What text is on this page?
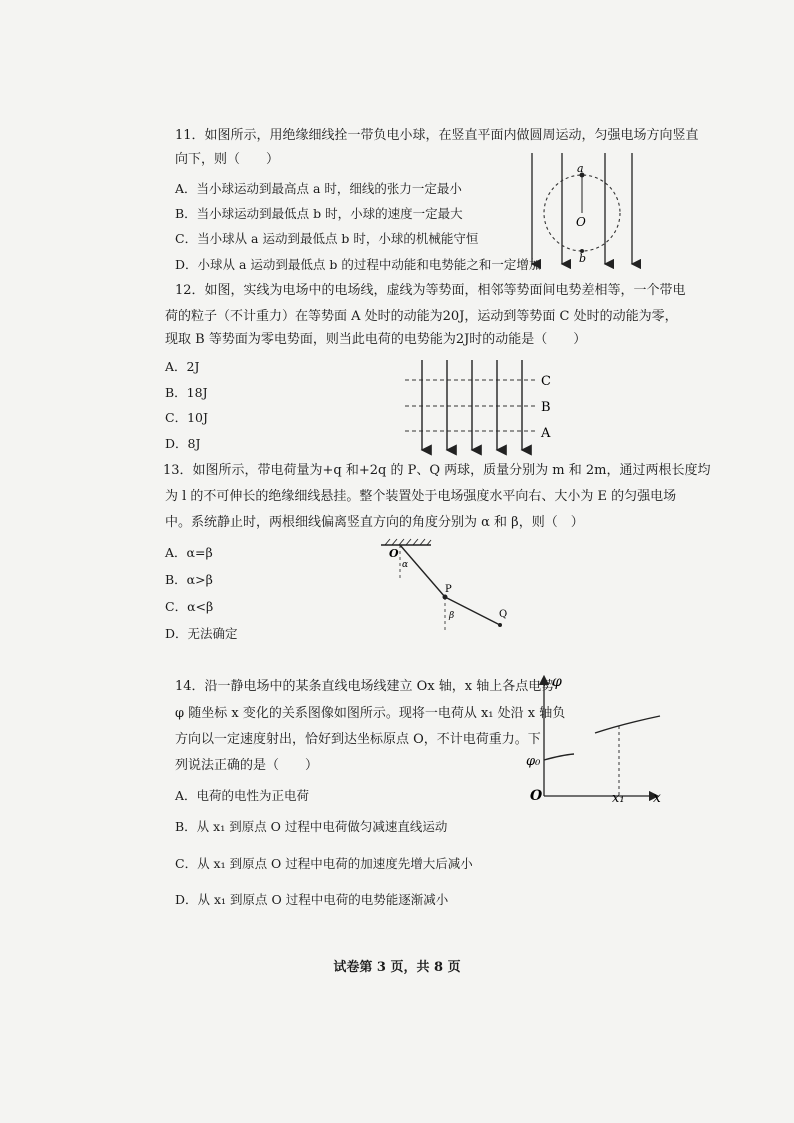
11．如图所示，用绝缘细线拴一带负电小球，在竖直平面内做圆周运动，匀强电场方向竖直
向下，则（　　）
A．当小球运动到最高点 a 时，细线的张力一定最小
B．当小球运动到最低点 b 时，小球的速度一定最大
C．当小球从 a 运动到最低点 b 时，小球的机械能守恒
D．小球从 a 运动到最低点 b 的过程中动能和电势能之和一定增加
a
O
b
12．如图，实线为电场中的电场线，虚线为等势面，相邻等势面间电势差相等，一个带电
荷的粒子（不计重力）在等势面 A 处时的动能为20J，运动到等势面 C 处时的动能为零，
现取 B 等势面为零电势面，则当此电荷的电势能为2J时的动能是（　　）
A．2J
B．18J
C．10J
D．8J
C
B
A
13．如图所示，带电荷量为+q 和+2q 的 P、Q 两球，质量分别为 m 和 2m，通过两根长度均
为 l 的不可伸长的绝缘细线悬挂。整个装置处于电场强度水平向右、大小为 E 的匀强电场
中。系统静止时，两根细线偏离竖直方向的角度分别为 α 和 β，则（　）
A．α=β
B．α>β
C．α<β
D．无法确定
O
α
P
β	Q
14．沿一静电场中的某条直线电场线建立 Ox 轴，x 轴上各点电势
φ 随坐标 x 变化的关系图像如图所示。现将一电荷从 x₁ 处沿 x 轴负
方向以一定速度射出，恰好到达坐标原点 O，不计电荷重力。下
列说法正确的是（　　）
A．电荷的电性为正电荷
B．从 x₁ 到原点 O 过程中电荷做匀减速直线运动
C．从 x₁ 到原点 O 过程中电荷的加速度先增大后减小
D．从 x₁ 到原点 O 过程中电荷的电势能逐渐减小
φ
φ₀
O	x₁ x
试卷第 3 页，共 8 页
